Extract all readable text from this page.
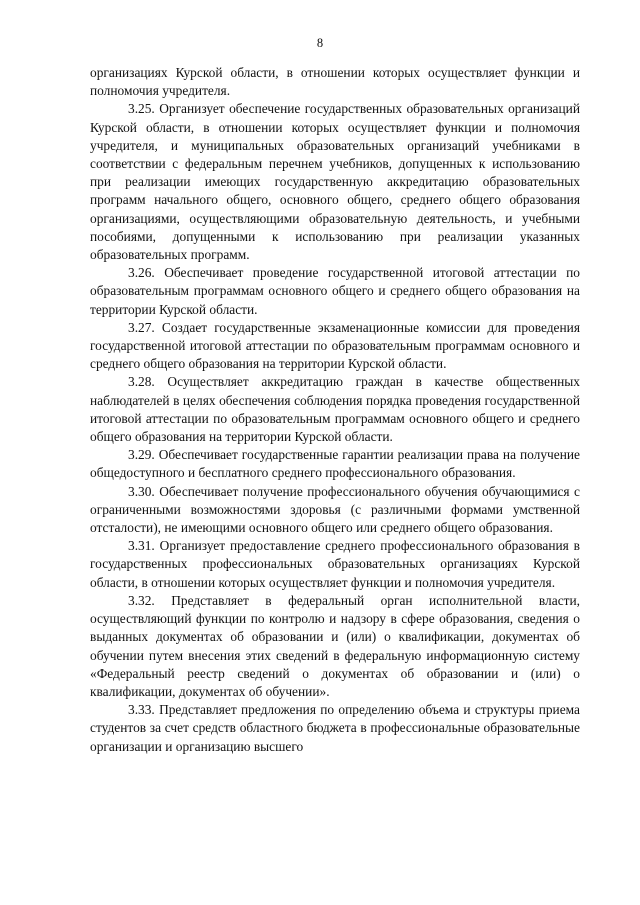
8

организациях Курской области, в отношении которых осуществляет функции и полномочия учредителя.

3.25. Организует обеспечение государственных образовательных организаций Курской области, в отношении которых осуществляет функции и полномочия учредителя, и муниципальных образовательных организаций учебниками в соответствии с федеральным перечнем учебников, допущенных к использованию при реализации имеющих государственную аккредитацию образовательных программ начального общего, основного общего, среднего общего образования организациями, осуществляющими образовательную деятельность, и учебными пособиями, допущенными к использованию при реализации указанных образовательных программ.

3.26. Обеспечивает проведение государственной итоговой аттестации по образовательным программам основного общего и среднего общего образования на территории Курской области.

3.27. Создает государственные экзаменационные комиссии для проведения государственной итоговой аттестации по образовательным программам основного и среднего общего образования на территории Курской области.

3.28. Осуществляет аккредитацию граждан в качестве общественных наблюдателей в целях обеспечения соблюдения порядка проведения государственной итоговой аттестации по образовательным программам основного общего и среднего общего образования на территории Курской области.

3.29. Обеспечивает государственные гарантии реализации права на получение общедоступного и бесплатного среднего профессионального образования.

3.30. Обеспечивает получение профессионального обучения обучающимися с ограниченными возможностями здоровья (с различными формами умственной отсталости), не имеющими основного общего или среднего общего образования.

3.31. Организует предоставление среднего профессионального образования в государственных профессиональных образовательных организациях Курской области, в отношении которых осуществляет функции и полномочия учредителя.

3.32. Представляет в федеральный орган исполнительной власти, осуществляющий функции по контролю и надзору в сфере образования, сведения о выданных документах об образовании и (или) о квалификации, документах об обучении путем внесения этих сведений в федеральную информационную систему «Федеральный реестр сведений о документах об образовании и (или) о квалификации, документах об обучении».

3.33. Представляет предложения по определению объема и структуры приема студентов за счет средств областного бюджета в профессиональные образовательные организации и организацию высшего
